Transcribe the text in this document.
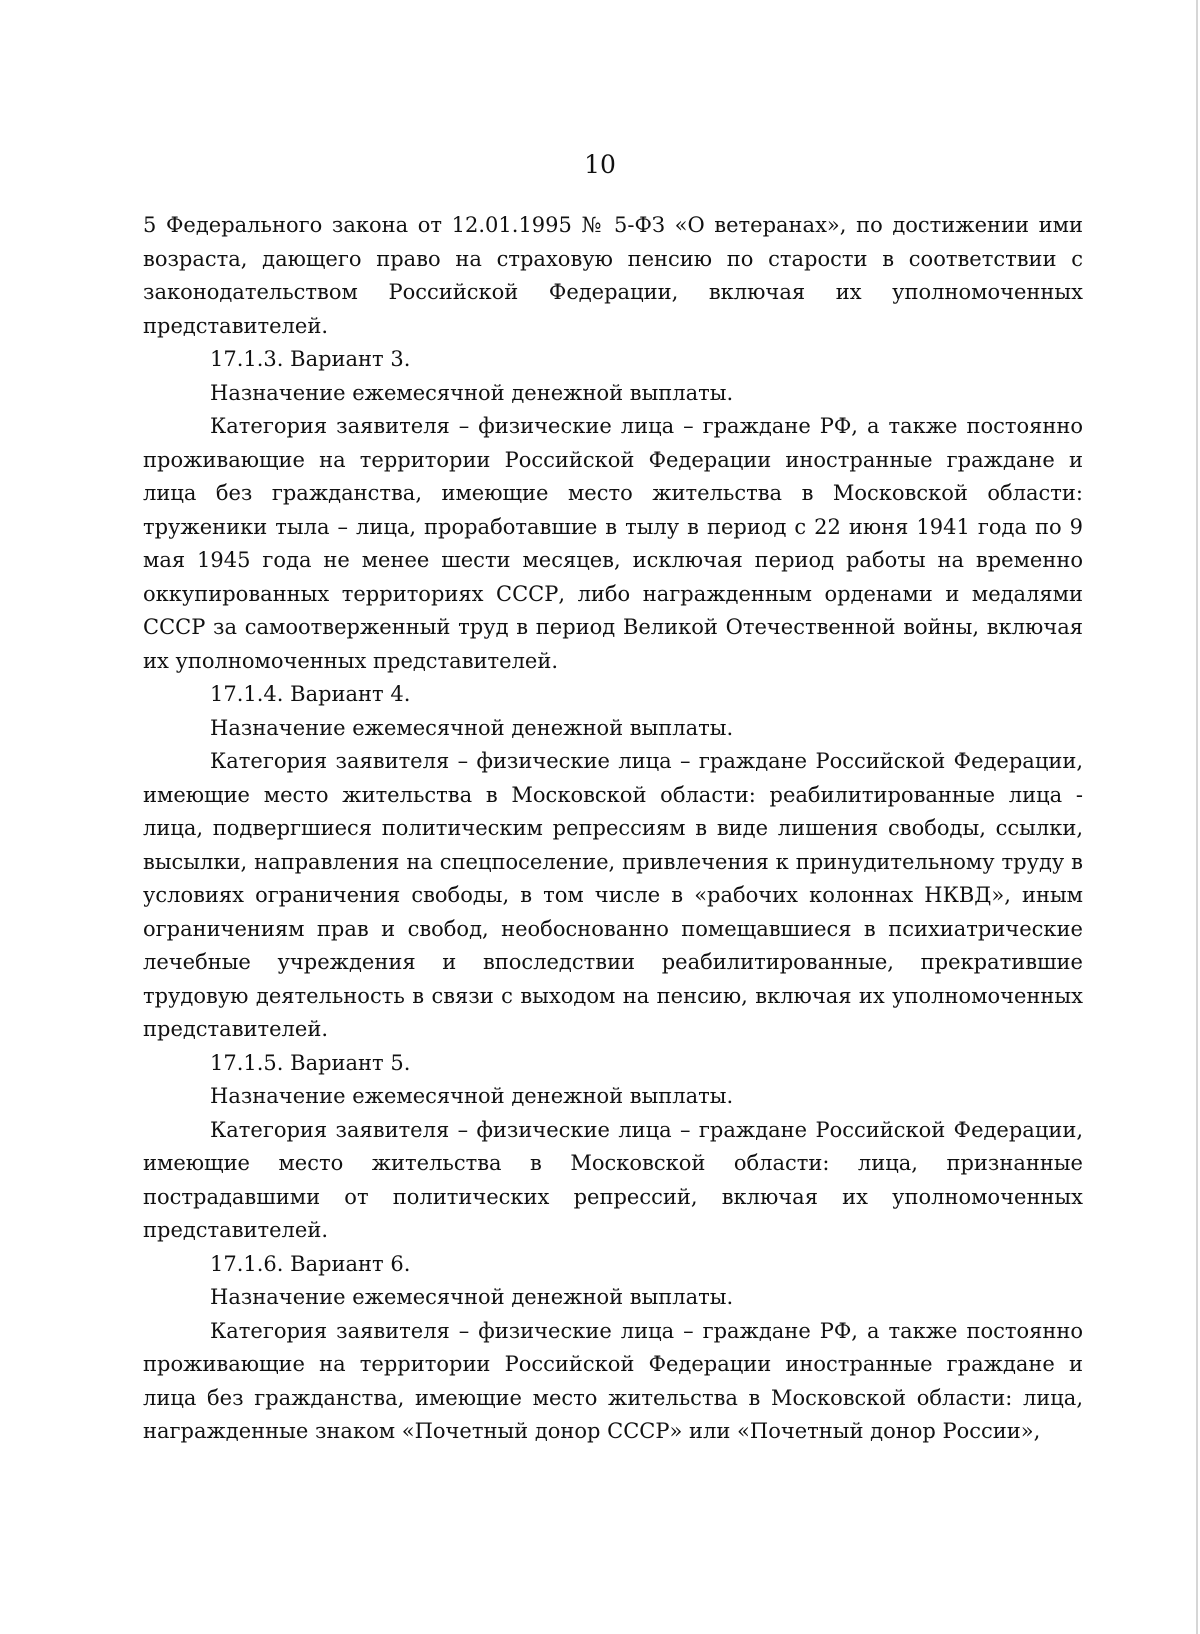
10

5 Федерального закона от 12.01.1995 № 5-ФЗ «О ветеранах», по достижении ими возраста, дающего право на страховую пенсию по старости в соответствии с законодательством Российской Федерации, включая их уполномоченных представителей.

17.1.3. Вариант 3.

Назначение ежемесячной денежной выплаты.

Категория заявителя – физические лица – граждане РФ, а также постоянно проживающие на территории Российской Федерации иностранные граждане и лица без гражданства, имеющие место жительства в Московской области: труженики тыла – лица, проработавшие в тылу в период с 22 июня 1941 года по 9 мая 1945 года не менее шести месяцев, исключая период работы на временно оккупированных территориях СССР, либо награжденным орденами и медалями СССР за самоотверженный труд в период Великой Отечественной войны, включая их уполномоченных представителей.

17.1.4. Вариант 4.

Назначение ежемесячной денежной выплаты.

Категория заявителя – физические лица – граждане Российской Федерации, имеющие место жительства в Московской области: реабилитированные лица - лица, подвергшиеся политическим репрессиям в виде лишения свободы, ссылки, высылки, направления на спецпоселение, привлечения к принудительному труду в условиях ограничения свободы, в том числе в «рабочих колоннах НКВД», иным ограничениям прав и свобод, необоснованно помещавшиеся в психиатрические лечебные учреждения и впоследствии реабилитированные, прекратившие трудовую деятельность в связи с выходом на пенсию, включая их уполномоченных представителей.

17.1.5. Вариант 5.

Назначение ежемесячной денежной выплаты.

Категория заявителя – физические лица – граждане Российской Федерации, имеющие место жительства в Московской области: лица, признанные пострадавшими от политических репрессий, включая их уполномоченных представителей.

17.1.6. Вариант 6.

Назначение ежемесячной денежной выплаты.

Категория заявителя – физические лица – граждане РФ, а также постоянно проживающие на территории Российской Федерации иностранные граждане и лица без гражданства, имеющие место жительства в Московской области: лица, награжденные знаком «Почетный донор СССР» или «Почетный донор России»,
